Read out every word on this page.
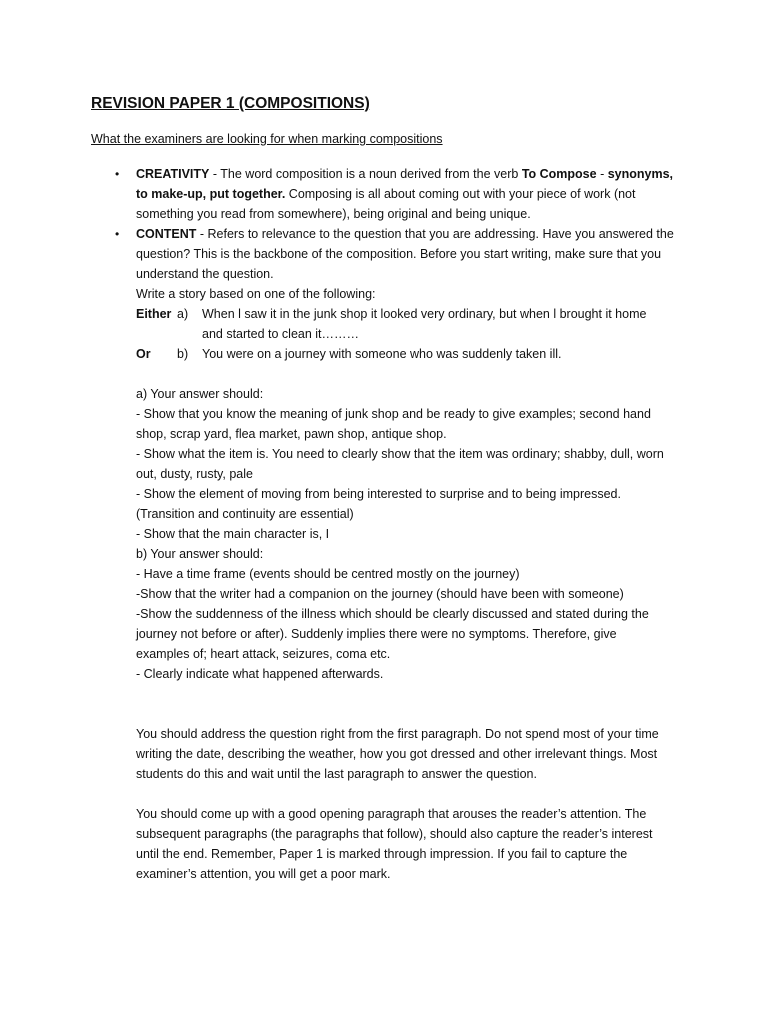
REVISION PAPER 1 (COMPOSITIONS)
What the examiners are looking for when marking compositions
• CREATIVITY - The word composition is a noun derived from the verb To Compose - synonyms,
to make-up, put together. Composing is all about coming out with your piece of work (not
something you read from somewhere), being original and being unique.
• CONTENT - Refers to relevance to the question that you are addressing. Have you answered the
question? This is the backbone of the composition. Before you start writing, make sure that you
understand the question.
Write a story based on one of the following:
Either a) When l saw it in the junk shop it looked very ordinary, but when l brought it home
and started to clean it………
Or b) You were on a journey with someone who was suddenly taken ill.
a) Your answer should:
- Show that you know the meaning of junk shop and be ready to give examples; second hand
shop, scrap yard, flea market, pawn shop, antique shop.
- Show what the item is. You need to clearly show that the item was ordinary; shabby, dull, worn
out, dusty, rusty, pale
- Show the element of moving from being interested to surprise and to being impressed.
(Transition and continuity are essential)
- Show that the main character is, I
b) Your answer should:
- Have a time frame (events should be centred mostly on the journey)
-Show that the writer had a companion on the journey (should have been with someone)
-Show the suddenness of the illness which should be clearly discussed and stated during the
journey not before or after). Suddenly implies there were no symptoms. Therefore, give
examples of; heart attack, seizures, coma etc.
- Clearly indicate what happened afterwards.
You should address the question right from the first paragraph. Do not spend most of your time
writing the date, describing the weather, how you got dressed and other irrelevant things. Most
students do this and wait until the last paragraph to answer the question.
You should come up with a good opening paragraph that arouses the reader’s attention. The
subsequent paragraphs (the paragraphs that follow), should also capture the reader’s interest
until the end. Remember, Paper 1 is marked through impression. If you fail to capture the
examiner’s attention, you will get a poor mark.
